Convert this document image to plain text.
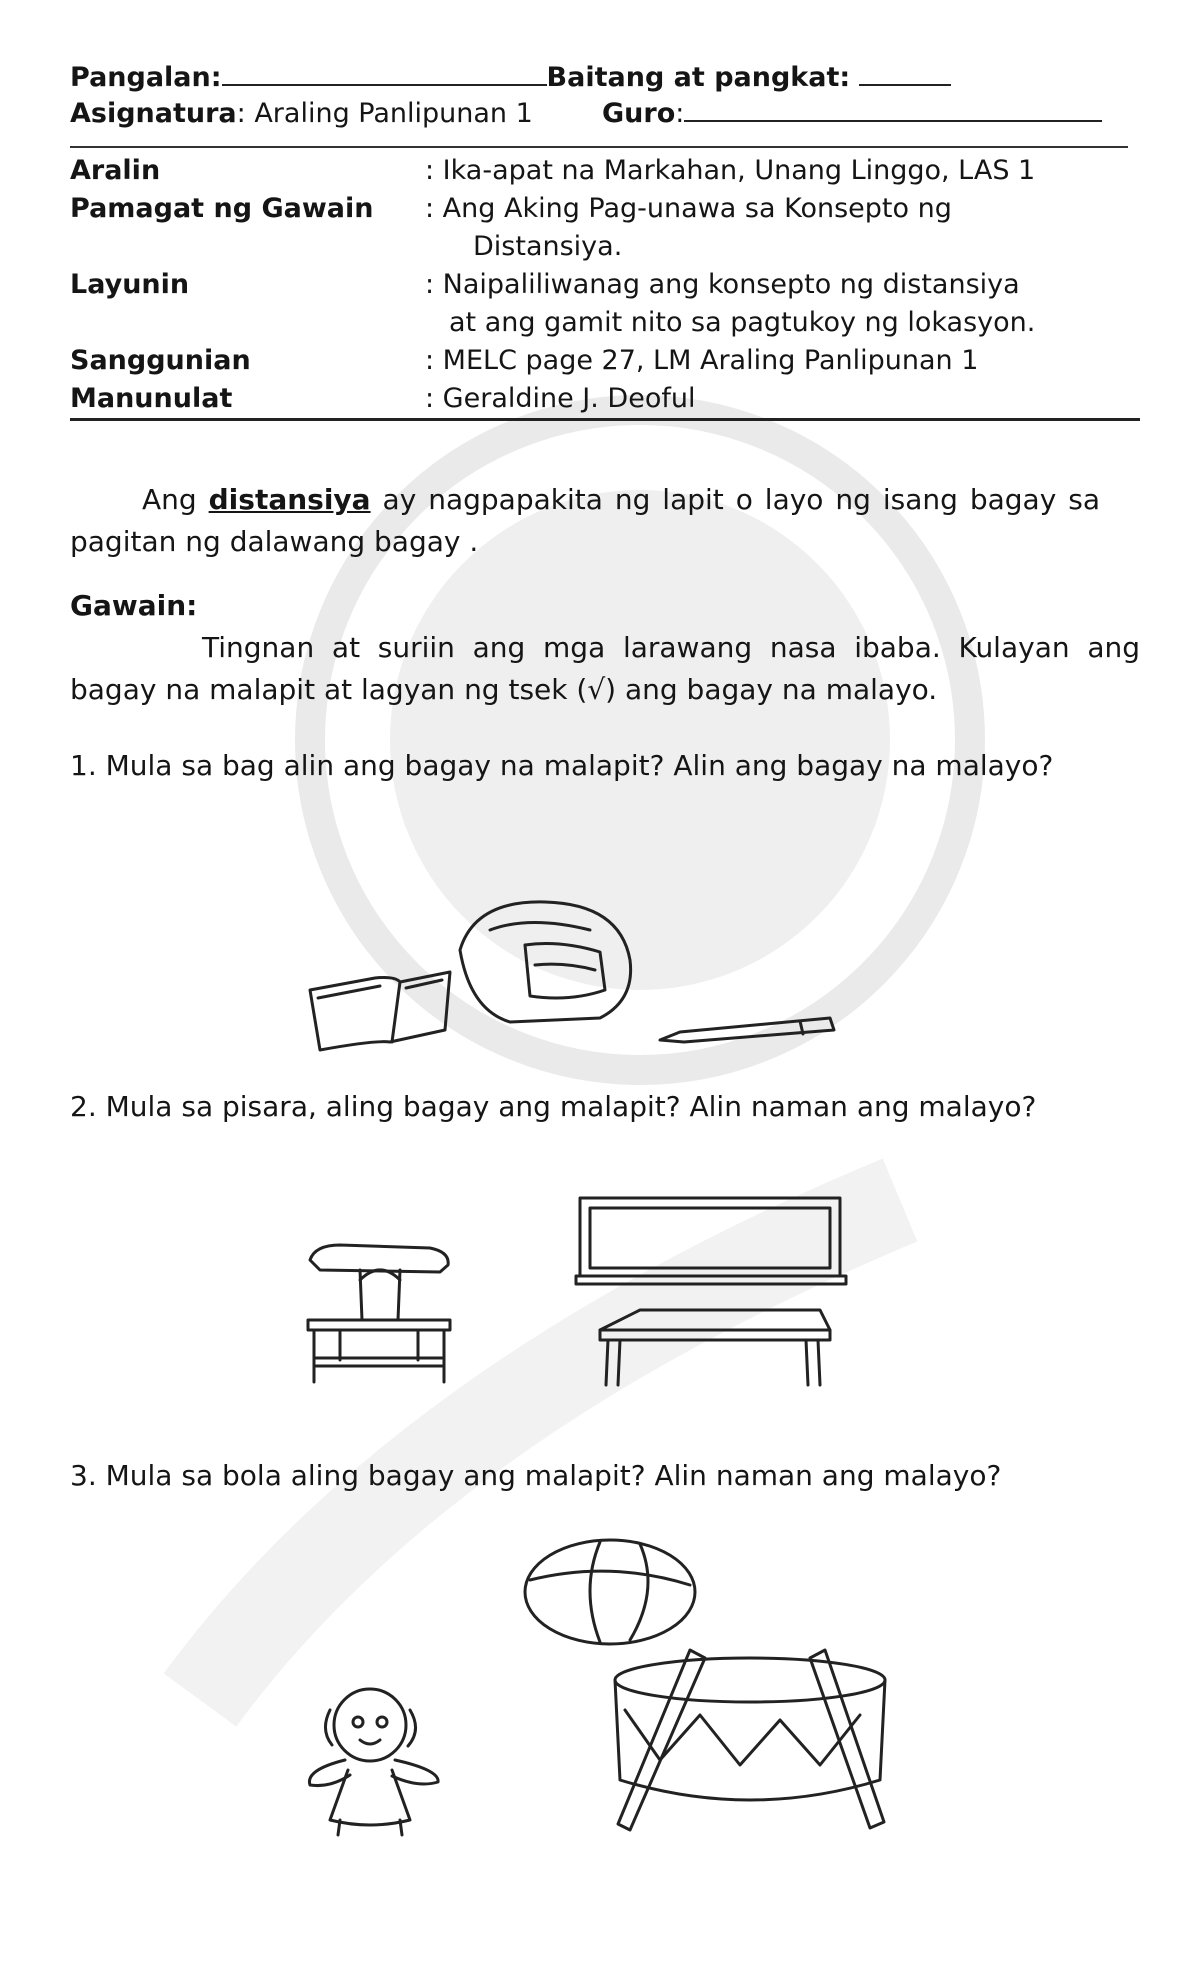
Pangalan:	Baitang at pangkat:
Asignatura: Araling Panlipunan 1	Guro:
Aralin	: Ika-apat na Markahan, Unang Linggo, LAS 1
Pamagat ng Gawain	: Ang Aking Pag-unawa sa Konsepto ng
Distansiya.

Layunin	: Naipaliliwanag ang konsepto ng distansiya
at ang gamit nito sa pagtukoy ng lokasyon.

Sanggunian	: MELC page 27, LM Araling Panlipunan 1
Manunulat	: Geraldine J. Deoful

Ang distansiya ay nagpapakita ng lapit o layo ng isang bagay sa pagitan ng dalawang bagay .

Gawain:

Tingnan at suriin ang mga larawang nasa ibaba. Kulayan ang bagay na malapit at lagyan ng tsek (√) ang bagay na malayo.

1. Mula sa bag alin ang bagay na malapit? Alin ang bagay na malayo?

2. Mula sa pisara, aling bagay ang malapit? Alin naman ang malayo?

3. Mula sa bola aling bagay ang malapit? Alin naman ang malayo?
